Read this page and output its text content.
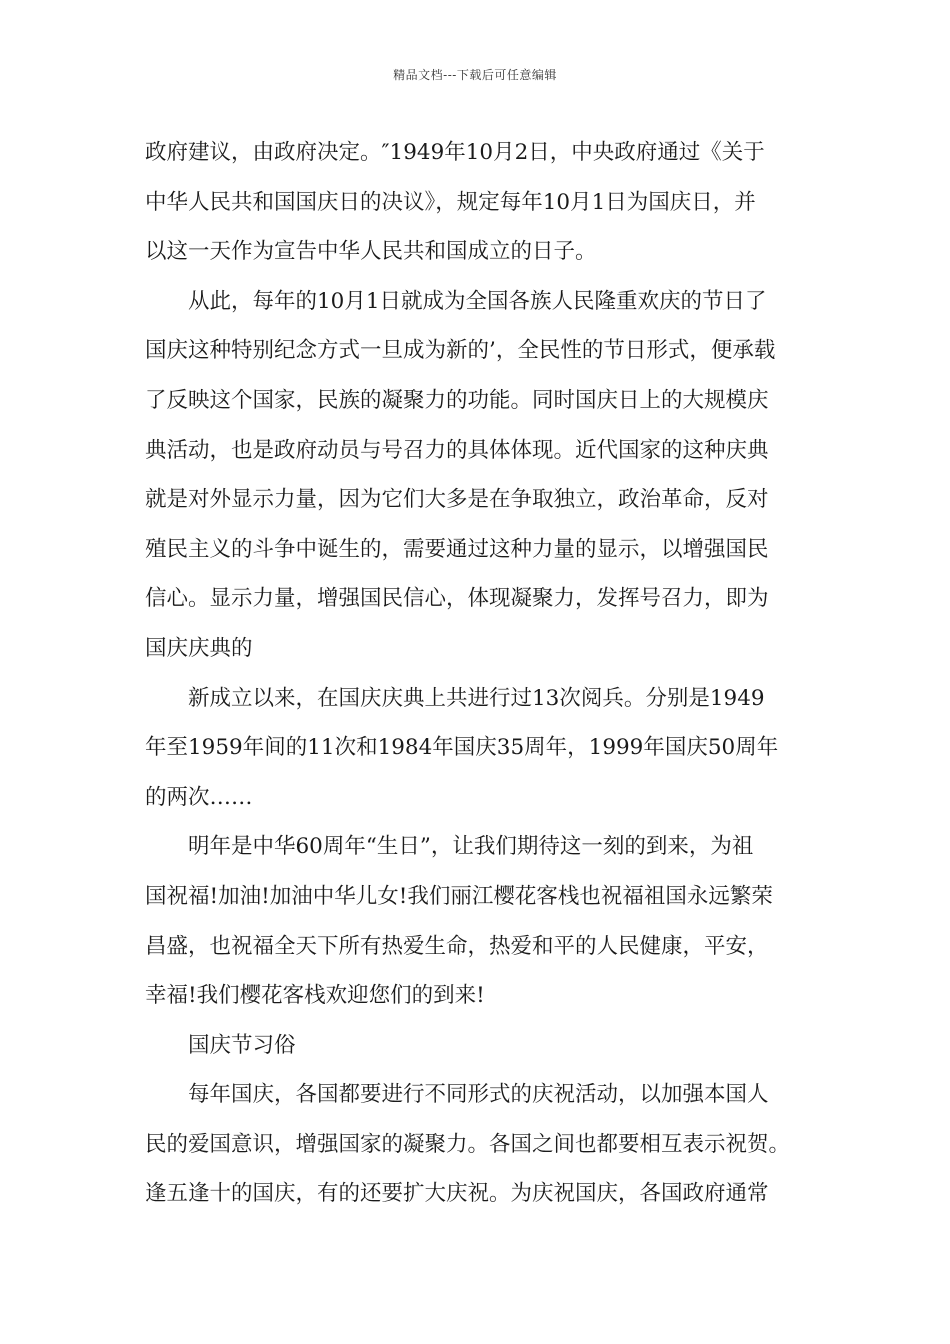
精品文档---下载后可任意编辑
政府建议，由政府决定。″1949年10月2日，中央政府通过《关于
中华人民共和国国庆日的决议》，规定每年10月1日为国庆日，并
以这一天作为宣告中华人民共和国成立的日子。
从此，每年的10月1日就成为全国各族人民隆重欢庆的节日了
国庆这种特别纪念方式一旦成为新的’，全民性的节日形式，便承载
了反映这个国家，民族的凝聚力的功能。同时国庆日上的大规模庆
典活动，也是政府动员与号召力的具体体现。近代国家的这种庆典
就是对外显示力量，因为它们大多是在争取独立，政治革命，反对
殖民主义的斗争中诞生的，需要通过这种力量的显示，以增强国民
信心。显示力量，增强国民信心，体现凝聚力，发挥号召力，即为
国庆庆典的
新成立以来，在国庆庆典上共进行过13次阅兵。分别是1949
年至1959年间的11次和1984年国庆35周年，1999年国庆50周年
的两次……
明年是中华60周年“生日”，让我们期待这一刻的到来，为祖
国祝福!加油!加油中华儿女!我们丽江樱花客栈也祝福祖国永远繁荣
昌盛，也祝福全天下所有热爱生命，热爱和平的人民健康，平安，
幸福!我们樱花客栈欢迎您们的到来!
国庆节习俗
每年国庆，各国都要进行不同形式的庆祝活动，以加强本国人
民的爱国意识，增强国家的凝聚力。各国之间也都要相互表示祝贺。
逢五逢十的国庆，有的还要扩大庆祝。为庆祝国庆，各国政府通常
